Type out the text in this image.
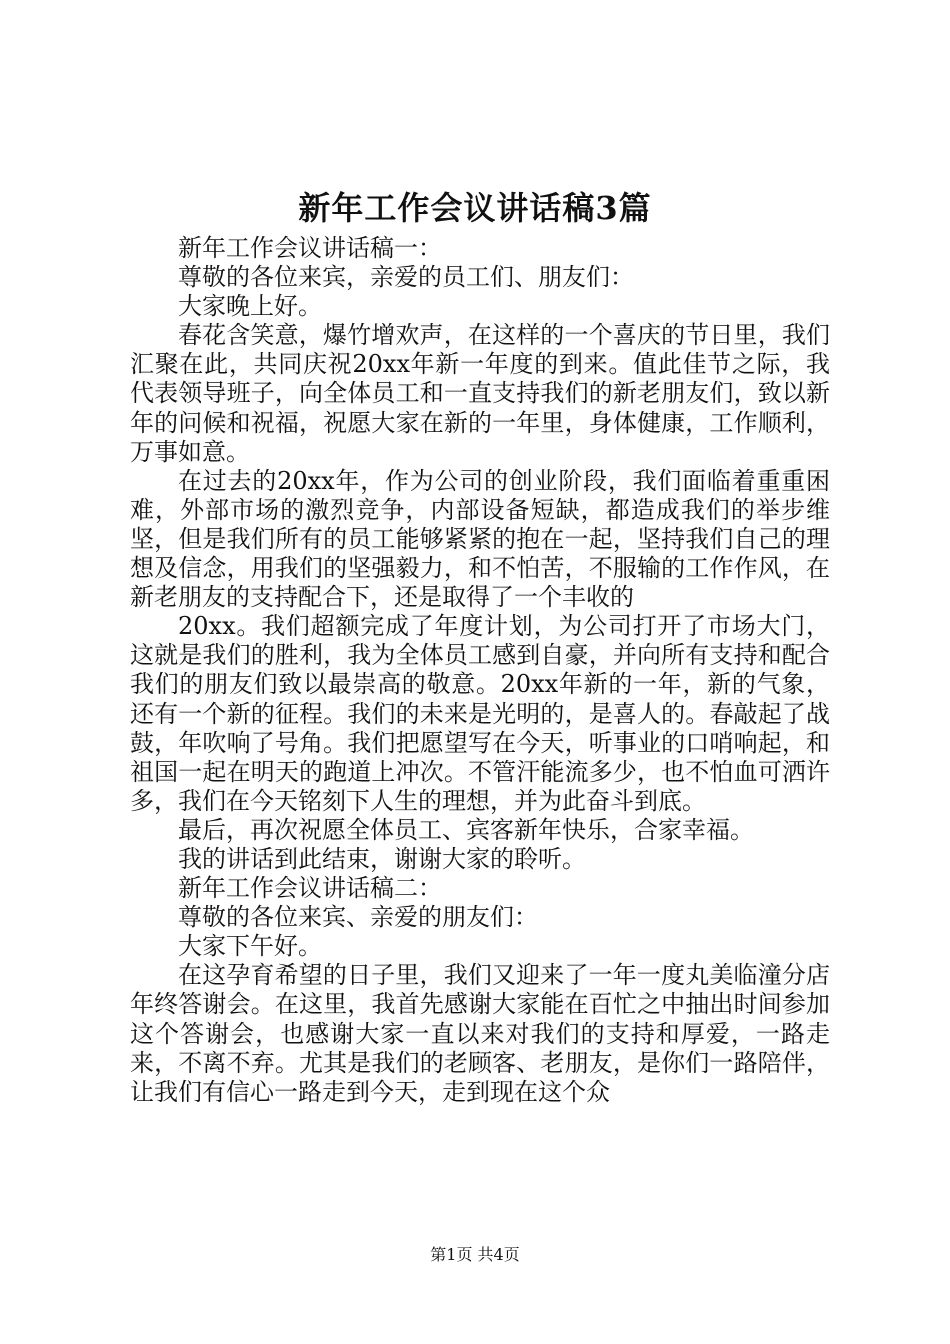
新年工作会议讲话稿3篇

新年工作会议讲话稿一：

尊敬的各位来宾，亲爱的员工们、朋友们：

大家晚上好。

春花含笑意，爆竹增欢声，在这样的一个喜庆的节日里，我们汇聚在此，共同庆祝20xx年新一年度的到来。值此佳节之际，我代表领导班子，向全体员工和一直支持我们的新老朋友们，致以新年的问候和祝福，祝愿大家在新的一年里，身体健康，工作顺利，万事如意。

在过去的20xx年，作为公司的创业阶段，我们面临着重重困难，外部市场的激烈竞争，内部设备短缺，都造成我们的举步维坚，但是我们所有的员工能够紧紧的抱在一起，坚持我们自己的理想及信念，用我们的坚强毅力，和不怕苦，不服输的工作作风，在新老朋友的支持配合下，还是取得了一个丰收的

20xx。我们超额完成了年度计划，为公司打开了市场大门，这就是我们的胜利，我为全体员工感到自豪，并向所有支持和配合我们的朋友们致以最崇高的敬意。20xx年新的一年，新的气象，还有一个新的征程。我们的未来是光明的，是喜人的。春敲起了战鼓，年吹响了号角。我们把愿望写在今天，听事业的口哨响起，和祖国一起在明天的跑道上冲次。不管汗能流多少，也不怕血可洒许多，我们在今天铭刻下人生的理想，并为此奋斗到底。

最后，再次祝愿全体员工、宾客新年快乐，合家幸福。

我的讲话到此结束，谢谢大家的聆听。

新年工作会议讲话稿二：

尊敬的各位来宾、亲爱的朋友们：

大家下午好。

在这孕育希望的日子里，我们又迎来了一年一度丸美临潼分店年终答谢会。在这里，我首先感谢大家能在百忙之中抽出时间参加这个答谢会，也感谢大家一直以来对我们的支持和厚爱，一路走来，不离不弃。尤其是我们的老顾客、老朋友，是你们一路陪伴，让我们有信心一路走到今天，走到现在这个众

第1页 共4页
